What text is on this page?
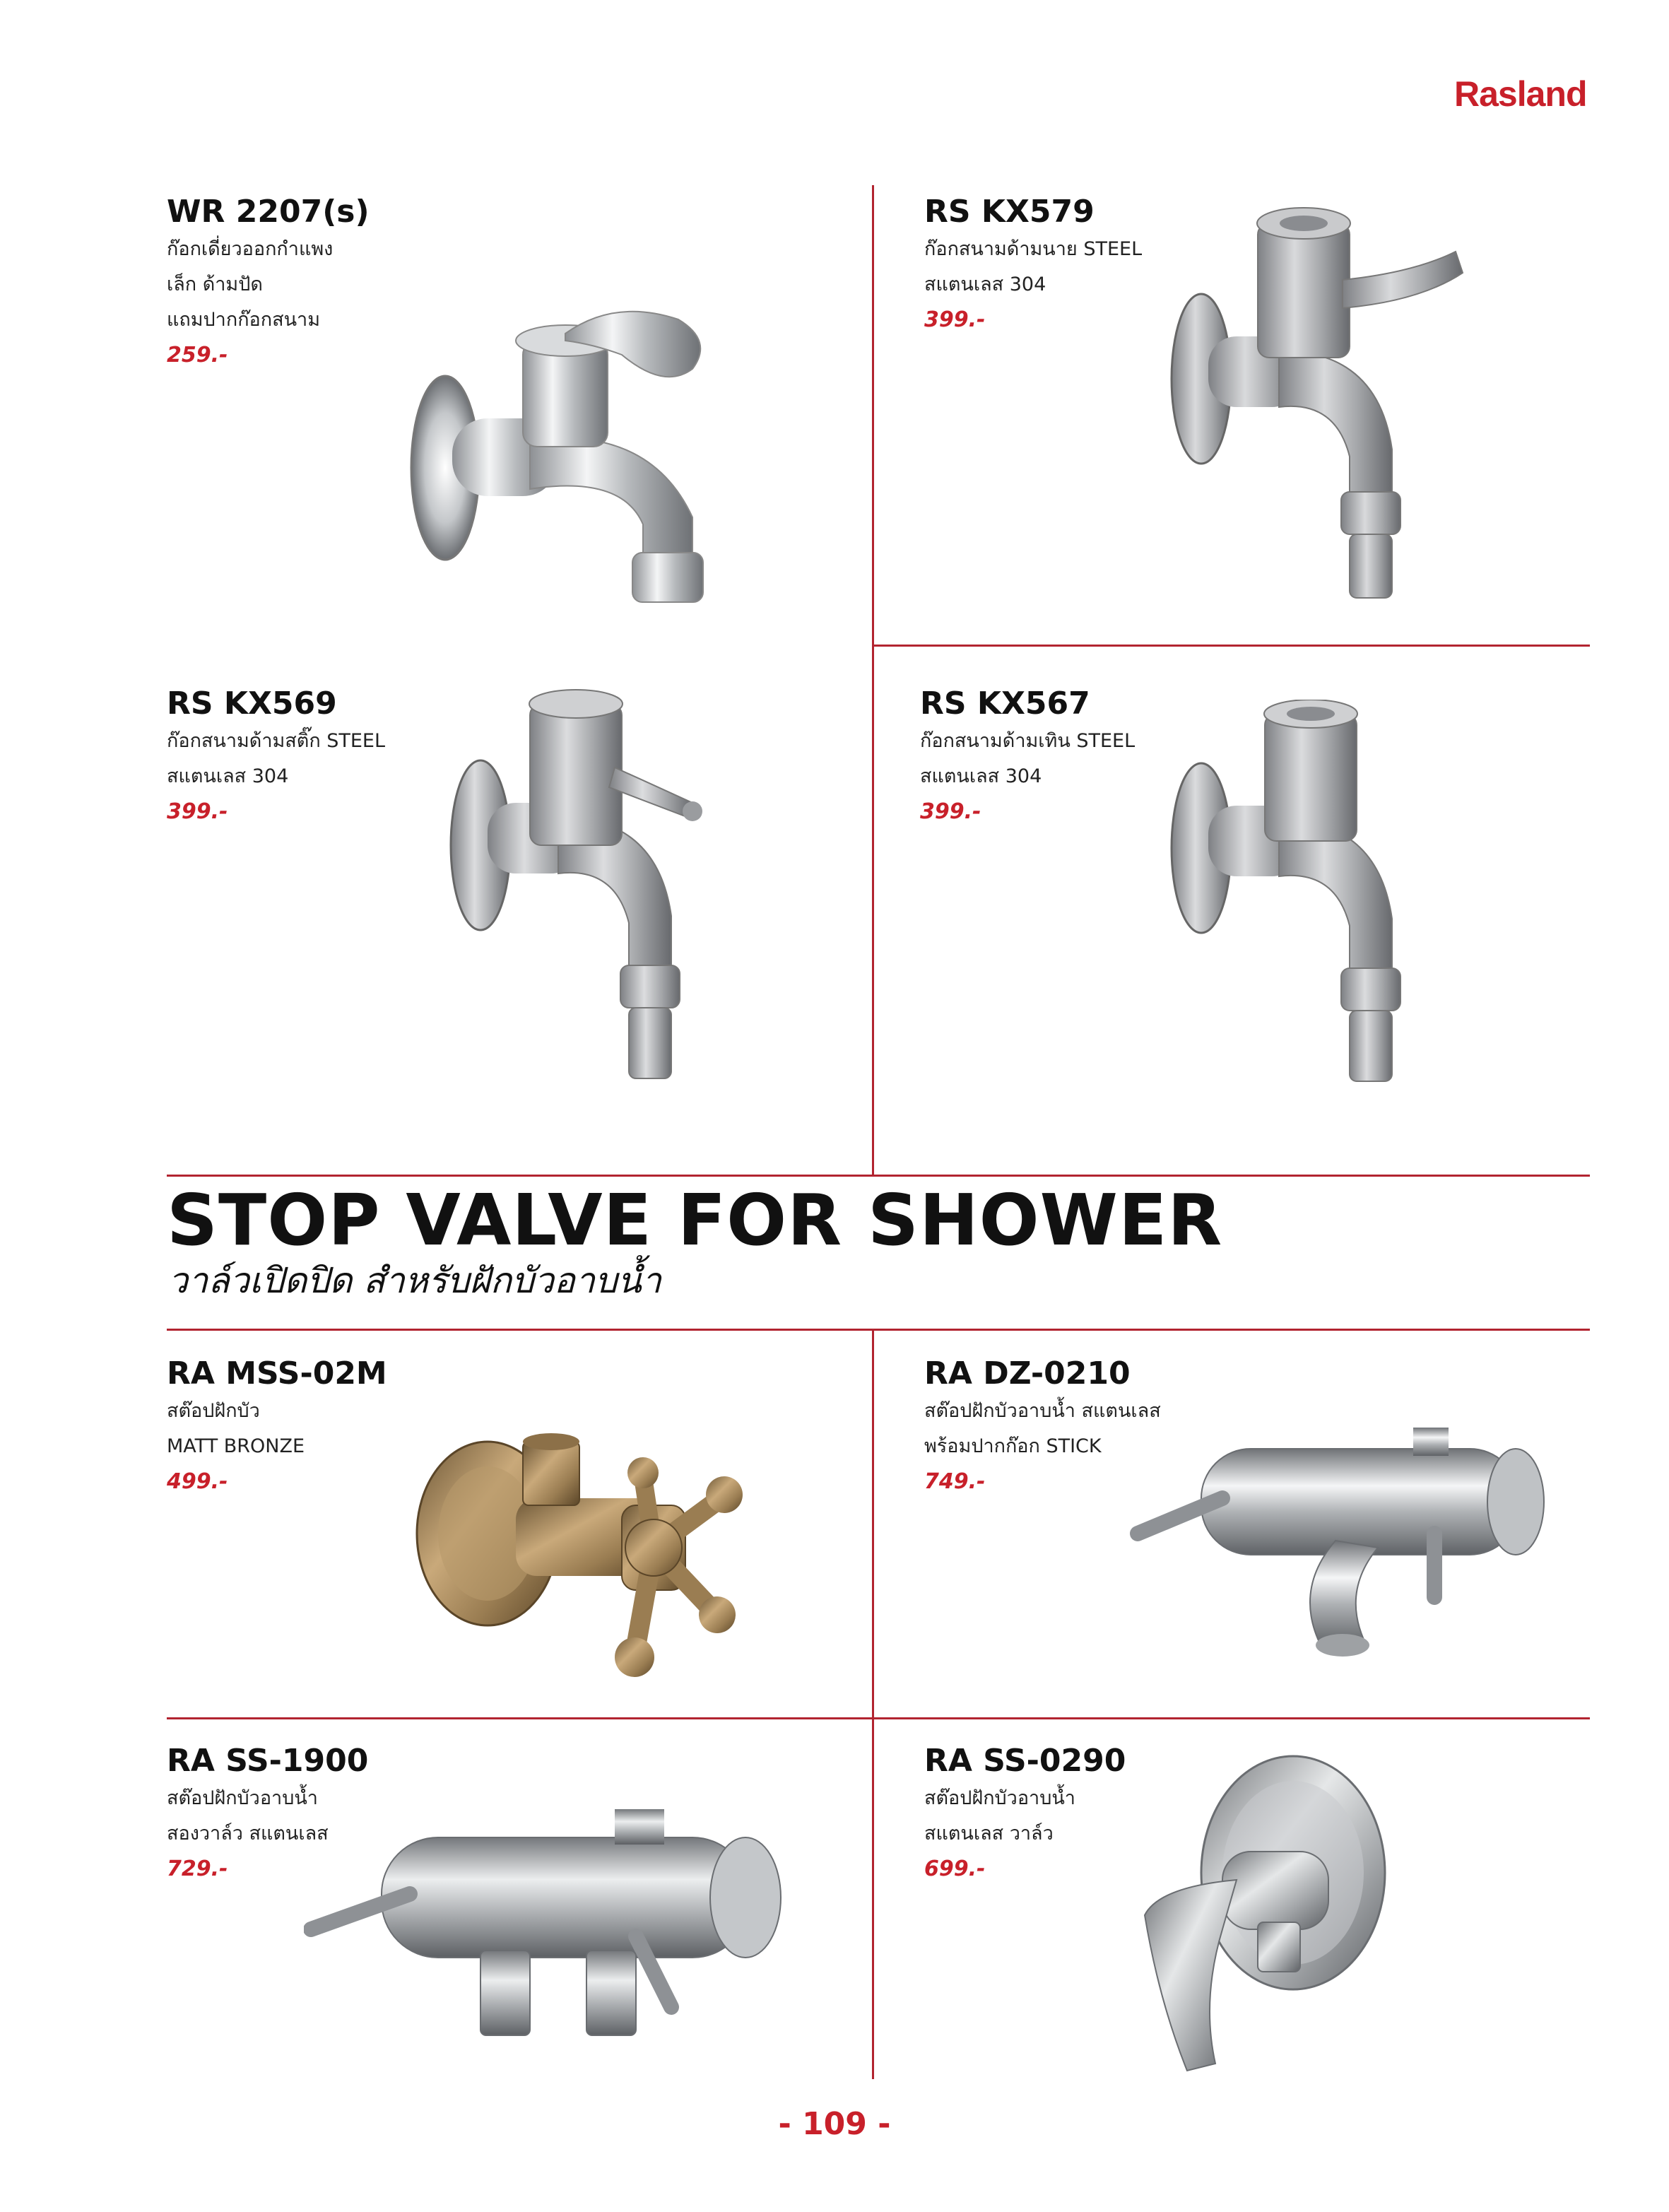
Rasland

WR 2207(s)

ก๊อกเดี่ยวออกกำแพง
เล็ก ด้ามปัด
แถมปากก๊อกสนาม
259.-

RS KX579

ก๊อกสนามด้ามนาย STEEL
สแตนเลส 304
399.-

RS KX569

ก๊อกสนามด้ามสติ๊ก STEEL
สแตนเลส 304
399.-

RS KX567

ก๊อกสนามด้ามเทิน STEEL
สแตนเลส 304
399.-
STOP VALVE FOR SHOWER
วาล์วเปิดปิด สำหรับฝักบัวอาบน้ำ

RA MSS-02M

สต๊อปฝักบัว
MATT BRONZE
499.-

RA DZ-0210

สต๊อปฝักบัวอาบน้ำ สแตนเลส
พร้อมปากก๊อก STICK
749.-

RA SS-1900

สต๊อปฝักบัวอาบน้ำ
สองวาล์ว สแตนเลส
729.-

RA SS-0290

สต๊อปฝักบัวอาบน้ำ
สแตนเลส วาล์ว
699.-
- 109 -
